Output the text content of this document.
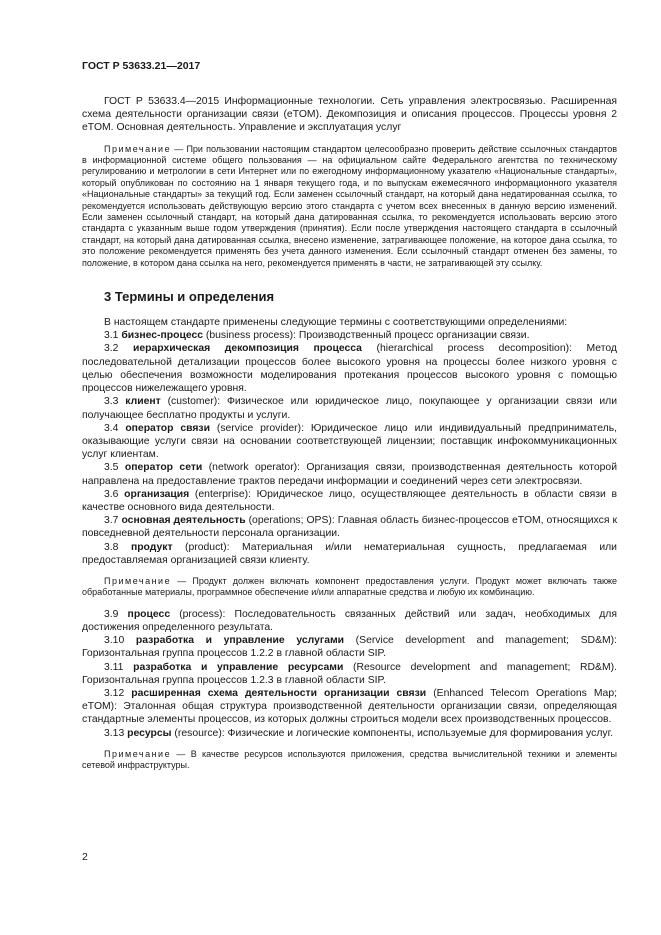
ГОСТ Р 53633.21—2017

ГОСТ Р 53633.4—2015 Информационные технологии. Сеть управления электросвязью. Расширенная схема деятельности организации связи (eTOM). Декомпозиция и описания процессов. Процессы уровня 2 eTOM. Основная деятельность. Управление и эксплуатация услуг

Примечание — При пользовании настоящим стандартом целесообразно проверить действие ссылочных стандартов в информационной системе общего пользования — на официальном сайте Федерального агентства по техническому регулированию и метрологии в сети Интернет или по ежегодному информационному указателю «Национальные стандарты», который опубликован по состоянию на 1 января текущего года, и по выпускам ежемесячного информационного указателя «Национальные стандарты» за текущий год. Если заменен ссылочный стандарт, на который дана недатированная ссылка, то рекомендуется использовать действующую версию этого стандарта с учетом всех внесенных в данную версию изменений. Если заменен ссылочный стандарт, на который дана датированная ссылка, то рекомендуется использовать версию этого стандарта с указанным выше годом утверждения (принятия). Если после утверждения настоящего стандарта в ссылочный стандарт, на который дана датированная ссылка, внесено изменение, затрагивающее положение, на которое дана ссылка, то это положение рекомендуется применять без учета данного изменения. Если ссылочный стандарт отменен без замены, то положение, в котором дана ссылка на него, рекомендуется применять в части, не затрагивающей эту ссылку.

3 Термины и определения

В настоящем стандарте применены следующие термины с соответствующими определениями:

3.1 бизнес-процесс (business process): Производственный процесс организации связи.

3.2 иерархическая декомпозиция процесса (hierarchical process decomposition): Метод последовательной детализации процессов более высокого уровня на процессы более низкого уровня с целью обеспечения возможности моделирования протекания процессов высокого уровня с помощью процессов нижележащего уровня.

3.3 клиент (customer): Физическое или юридическое лицо, покупающее у организации связи или получающее бесплатно продукты и услуги.

3.4 оператор связи (service provider): Юридическое лицо или индивидуальный предприниматель, оказывающие услуги связи на основании соответствующей лицензии; поставщик инфокоммуникационных услуг клиентам.

3.5 оператор сети (network operator): Организация связи, производственная деятельность которой направлена на предоставление трактов передачи информации и соединений через сети электросвязи.

3.6 организация (enterprise): Юридическое лицо, осуществляющее деятельность в области связи в качестве основного вида деятельности.

3.7 основная деятельность (operations; OPS): Главная область бизнес-процессов eTOM, относящихся к повседневной деятельности персонала организации.

3.8 продукт (product): Материальная и/или нематериальная сущность, предлагаемая или предоставляемая организацией связи клиенту.

Примечание — Продукт должен включать компонент предоставления услуги. Продукт может включать также обработанные материалы, программное обеспечение и/или аппаратные средства и любую их комбинацию.

3.9 процесс (process): Последовательность связанных действий или задач, необходимых для достижения определенного результата.

3.10 разработка и управление услугами (Service development and management; SD&M): Горизонтальная группа процессов 1.2.2 в главной области SIP.

3.11 разработка и управление ресурсами (Resource development and management; RD&M). Горизонтальная группа процессов 1.2.3 в главной области SIP.

3.12 расширенная схема деятельности организации связи (Enhanced Telecom Operations Map; eTOM): Эталонная общая структура производственной деятельности организации связи, определяющая стандартные элементы процессов, из которых должны строиться модели всех производственных процессов.

3.13 ресурсы (resource): Физические и логические компоненты, используемые для формирования услуг.

Примечание — В качестве ресурсов используются приложения, средства вычислительной техники и элементы сетевой инфраструктуры.

2
